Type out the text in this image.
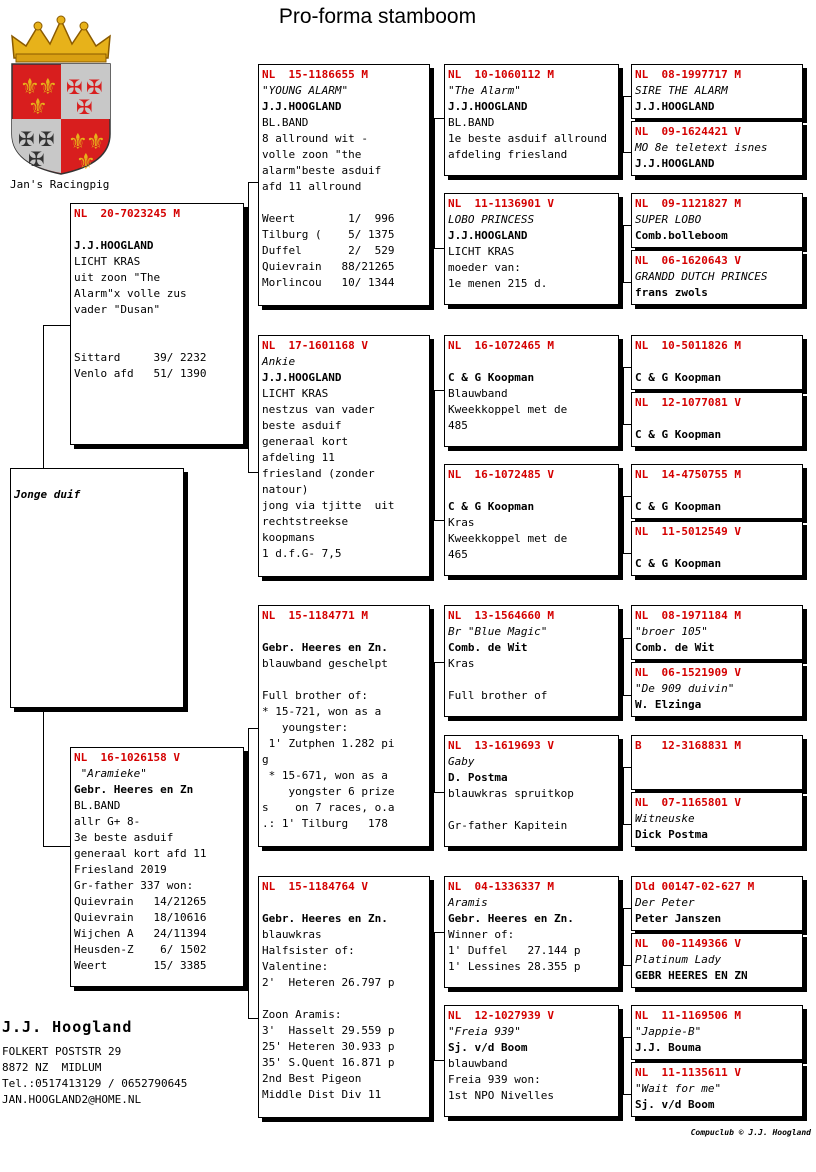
Pro-forma stamboom
⚜
⚜
⚜
⚜
⚜
⚜
✠ ✠
✠
✠ ✠
✠
Jan's Racingpig

Jonge duif
NL  20-7023245 M

J.J.HOOGLAND
LICHT KRAS
uit zoon "The
Alarm"x volle zus
vader "Dusan"

Sittard     39/ 2232
Venlo afd   51/ 1390
NL  16-1026158 V
"Aramieke"
Gebr. Heeres en Zn
BL.BAND
allr G+ 8-
3e beste asduif
generaal kort afd 11
Friesland 2019
Gr-father 337 won:
Quievrain   14/21265
Quievrain   18/10616
Wijchen A   24/11394
Heusden-Z    6/ 1502
Weert       15/ 3385
NL  15-1186655 M
"YOUNG ALARM"
J.J.HOOGLAND
BL.BAND
8 allround wit -
volle zoon "the
alarm"beste asduif
afd 11 allround

Weert        1/  996
Tilburg (    5/ 1375
Duffel       2/  529
Quievrain   88/21265
Morlincou   10/ 1344
NL  17-1601168 V
Ankie
J.J.HOOGLAND
LICHT KRAS
nestzus van vader
beste asduif
generaal kort
afdeling 11
friesland (zonder
natour)
jong via tjitte  uit
rechtstreekse
koopmans
1 d.f.G- 7,5
NL  15-1184771 M

Gebr. Heeres en Zn.
blauwband geschelpt

Full brother of:
* 15-721, won as a
youngster:
1' Zutphen 1.282 pi
g
* 15-671, won as a
yongster 6 prize
s    on 7 races, o.a
.: 1' Tilburg   178
NL  15-1184764 V

Gebr. Heeres en Zn.
blauwkras
Halfsister of:
Valentine:
2'  Heteren 26.797 p

Zoon Aramis:
3'  Hasselt 29.559 p
25' Heteren 30.933 p
35' S.Quent 16.871 p
2nd Best Pigeon
Middle Dist Div 11
NL  10-1060112 M
"The Alarm"
J.J.HOOGLAND
BL.BAND
1e beste asduif allround
afdeling friesland
NL  11-1136901 V
LOBO PRINCESS
J.J.HOOGLAND
LICHT KRAS
moeder van:
1e menen 215 d.
NL  16-1072465 M

C & G Koopman
Blauwband
Kweekkoppel met de
485
NL  16-1072485 V

C & G Koopman
Kras
Kweekkoppel met de
465
NL  13-1564660 M
Br "Blue Magic"
Comb. de Wit
Kras

Full brother of
NL  13-1619693 V
Gaby
D. Postma
blauwkras spruitkop

Gr-father Kapitein
NL  04-1336337 M
Aramis
Gebr. Heeres en Zn.
Winner of:
1' Duffel   27.144 p
1' Lessines 28.355 p
NL  12-1027939 V
"Freia 939"
Sj. v/d Boom
blauwband
Freia 939 won:
1st NPO Nivelles
NL  08-1997717 M
SIRE THE ALARM
J.J.HOOGLAND
NL  09-1624421 V
MO 8e teletext isnes
J.J.HOOGLAND
NL  09-1121827 M
SUPER LOBO
Comb.bolleboom
NL  06-1620643 V
GRANDD DUTCH PRINCES
frans zwols
NL  10-5011826 M

C & G Koopman
NL  12-1077081 V

C & G Koopman
NL  14-4750755 M

C & G Koopman
NL  11-5012549 V

C & G Koopman
NL  08-1971184 M
"broer 105"
Comb. de Wit
NL  06-1521909 V
"De 909 duivin"
W. Elzinga
B   12-3168831 M

NL  07-1165801 V
Witneuske
Dick Postma
Dld 00147-02-627 M
Der Peter
Peter Janszen
NL  00-1149366 V
Platinum Lady
GEBR HEERES EN ZN
NL  11-1169506 M
"Jappie-B"
J.J. Bouma
NL  11-1135611 V
"Wait for me"
Sj. v/d Boom
J.J. Hoogland
FOLKERT POSTSTR 29
8872 NZ  MIDLUM
Tel.:0517413129 / 0652790645
JAN.HOOGLAND2@HOME.NL
Compuclub © J.J. Hoogland
